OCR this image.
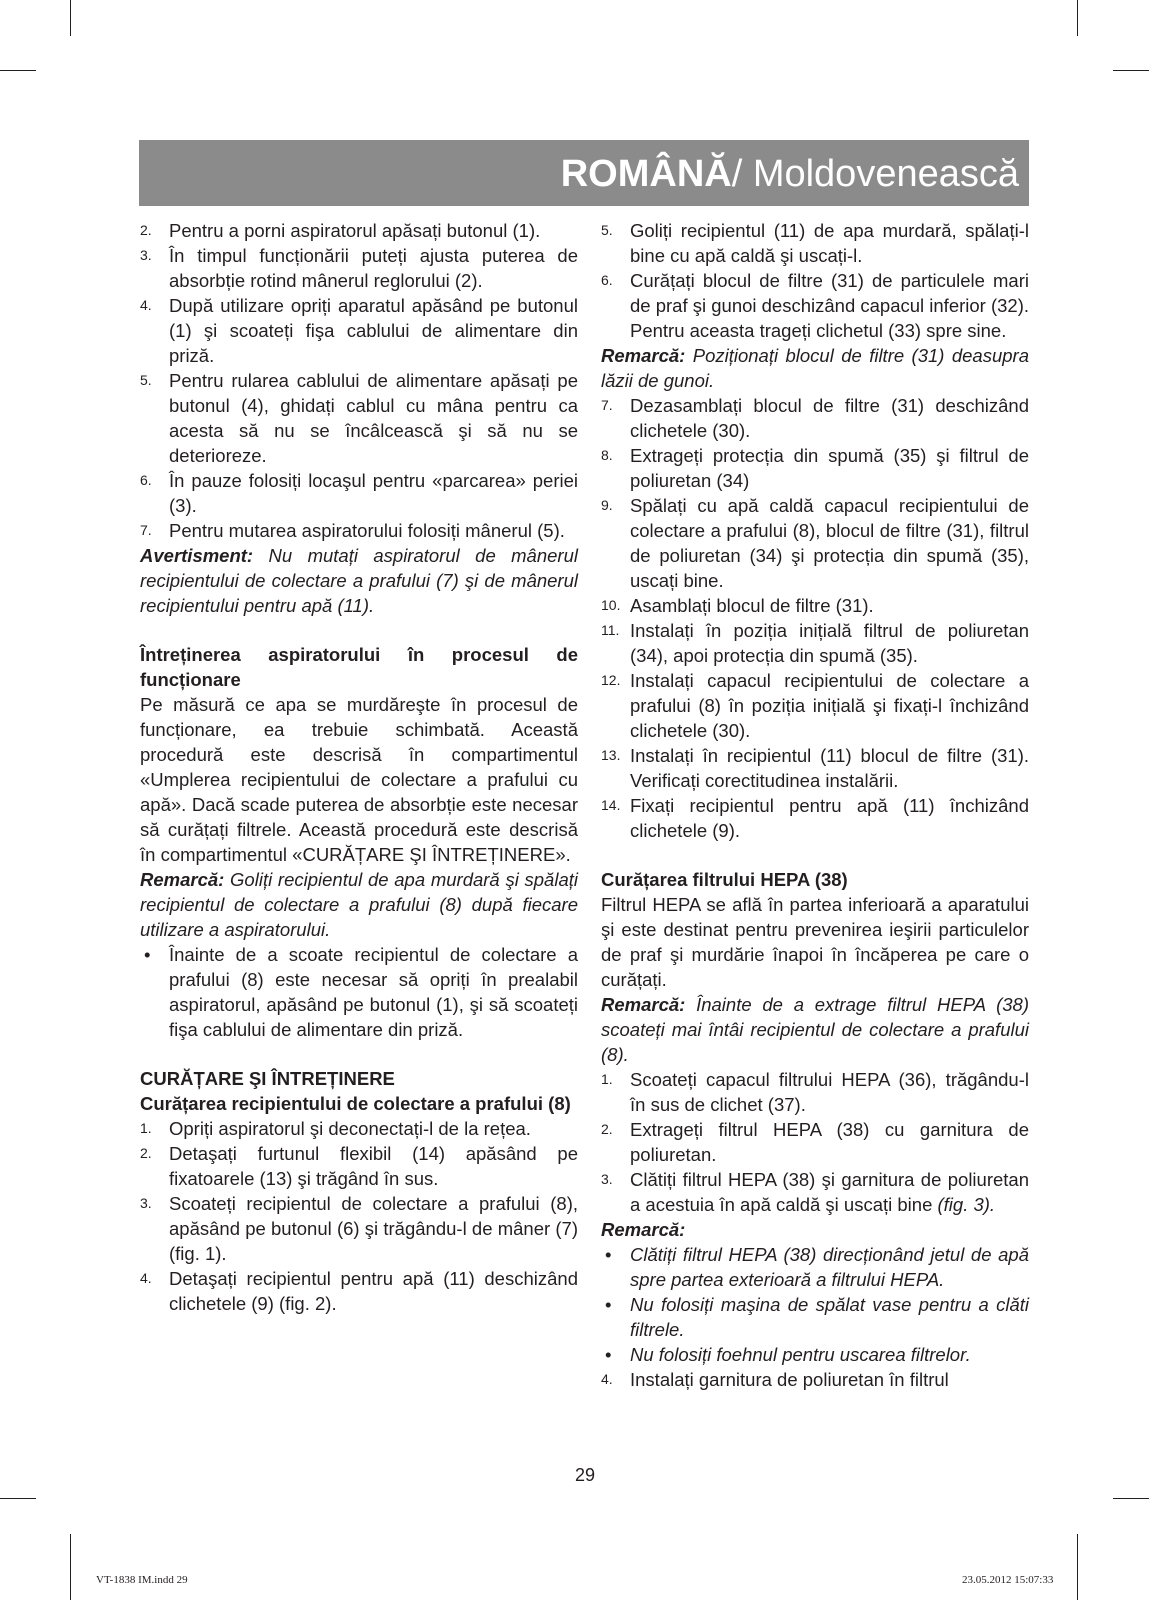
ROMÂNĂ/ Moldovenească
2. Pentru a porni aspiratorul apăsați butonul (1).
3. În timpul funcționării puteți ajusta puterea de absorbție rotind mânerul reglorului (2).
4. După utilizare opriți aparatul apăsând pe butonul (1) şi scoateți fişa cablului de alimentare din priză.
5. Pentru rularea cablului de alimentare apăsați pe butonul (4), ghidați cablul cu mâna pentru ca acesta să nu se încâlcească şi să nu se deterioreze.
6. În pauze folosiți locaşul pentru «parcarea» periei (3).
7. Pentru mutarea aspiratorului folosiți mânerul (5).

Avertisment: Nu mutați aspiratorul de mânerul recipientului de colectare a prafului (7) şi de mânerul recipientului pentru apă (11).

Întreținerea aspiratorului în procesul de funcționare

Pe măsură ce apa se murdăreşte în procesul de funcționare, ea trebuie schimbată. Această procedură este descrisă în compartimentul «Umplerea recipientului de colectare a prafului cu apă». Dacă scade puterea de absorbție este necesar să curățați filtrele. Această procedură este descrisă în compartimentul «CURĂȚARE ŞI ÎNTREȚINERE».

Remarcă: Goliți recipientul de apa murdară şi spălați recipientul de colectare a prafului (8) după fiecare utilizare a aspiratorului.

• Înainte de a scoate recipientul de colectare a prafului (8) este necesar să opriți în prealabil aspiratorul, apăsând pe butonul (1), şi să scoateți fişa cablului de alimentare din priză.

CURĂȚARE ŞI ÎNTREȚINERE

Curățarea recipientului de colectare a prafului (8)

1. Opriți aspiratorul şi deconectați-l de la rețea.
2. Detaşați furtunul flexibil (14) apăsând pe fixatoarele (13) şi trăgând în sus.
3. Scoateți recipientul de colectare a prafului (8), apăsând pe butonul (6) şi trăgându-l de mâner (7) (fig. 1).
4. Detaşați recipientul pentru apă (11) deschizând clichetele (9) (fig. 2).
5. Goliți recipientul (11) de apa murdară, spălați-l bine cu apă caldă şi uscați-l.
6. Curățați blocul de filtre (31) de particulele mari de praf şi gunoi deschizând capacul inferior (32). Pentru aceasta trageți clichetul (33) spre sine.

Remarcă: Poziționați blocul de filtre (31) deasupra lăzii de gunoi.

7. Dezasamblați blocul de filtre (31) deschizând clichetele (30).
8. Extrageți protecția din spumă (35) şi filtrul de poliuretan (34)
9. Spălați cu apă caldă capacul recipientului de colectare a prafului (8), blocul de filtre (31), filtrul de poliuretan (34) şi protecția din spumă (35), uscați bine.
10. Asamblați blocul de filtre (31).
11. Instalați în poziția inițială filtrul de poliuretan (34), apoi protecția din spumă (35).
12. Instalați capacul recipientului de colectare a prafului (8) în poziția inițială şi fixați-l închizând clichetele (30).
13. Instalați în recipientul (11) blocul de filtre (31). Verificați corectitudinea instalării.
14. Fixați recipientul pentru apă (11) închizând clichetele (9).

Curățarea filtrului HEPA (38)

Filtrul HEPA se află în partea inferioară a aparatului şi este destinat pentru prevenirea ieşirii particulelor de praf şi murdărie înapoi în încăperea pe care o curățați.

Remarcă: Înainte de a extrage filtrul HEPA (38) scoateți mai întâi recipientul de colectare a prafului (8).

1. Scoateți capacul filtrului HEPA (36), trăgându-l în sus de clichet (37).
2. Extrageți filtrul HEPA (38) cu garnitura de poliuretan.
3. Clătiți filtrul HEPA (38) şi garnitura de poliuretan a acestuia în apă caldă şi uscați bine (fig. 3).

Remarcă:

• Clătiți filtrul HEPA (38) direcționând jetul de apă spre partea exterioară a filtrului HEPA.
• Nu folosiți maşina de spălat vase pentru a clăti filtrele.
• Nu folosiți foehnul pentru uscarea filtrelor.
4. Instalați garnitura de poliuretan în filtrul
29
VT-1838 IM.indd 29	23.05.2012 15:07:33
